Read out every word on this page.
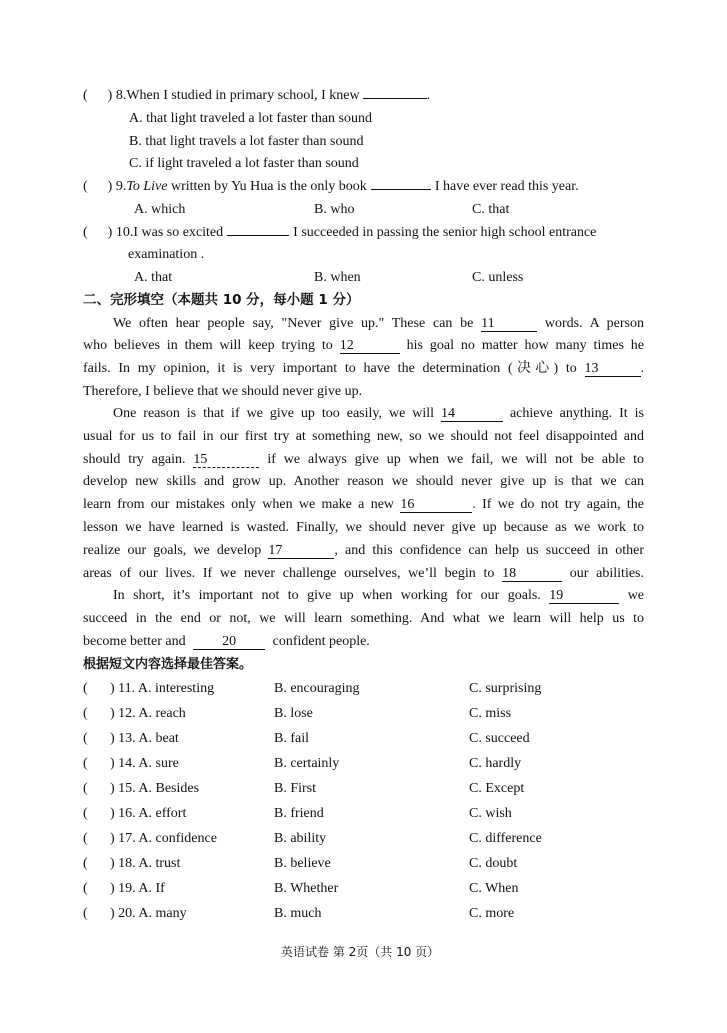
( ) 8.When I studied in primary school, I knew	.
A. that light traveled a lot faster than sound
B. that light travels a lot faster than sound
C. if light traveled a lot faster than sound
( ) 9.To Live written by Yu Hua is the only book	I have ever read this year.
A. which	B. who	C. that
( ) 10.I was so excited	I succeeded in passing the senior high school entrance
examination .
A. that	B. when	C. unless
二、完形填空（本题共 10 分，每小题 1 分）
We often hear people say, "Never give up." These can be 11	words. A person
who believes in them will keep trying to 12	his goal no matter how many times he
fails. In my opinion, it is very important to have the determination (决心) to 13	.
Therefore, I believe that we should never give up.
One reason is that if we give up too easily, we will 14	achieve anything. It is
usual for us to fail in our first try at something new, so we should not feel disappointed and
should try again. 15	if we always give up when we fail, we will not be able to
develop new skills and grow up. Another reason we should never give up is that we can
learn from our mistakes only when we make a new 16	. If we do not try again, the
lesson we have learned is wasted. Finally, we should never give up because as we work to
realize our goals, we develop 17	, and this confidence can help us succeed in other
areas of our lives. If we never challenge ourselves, we’ll begin to 18	our abilities.
In short, it’s important not to give up when working for our goals. 19	we
succeed in the end or not, we will learn something. And what we learn will help us to
become better and	20	confident people.
根据短文内容选择最佳答案。
( ) 11. A. interesting	B. encouraging	C. surprising
( ) 12. A. reach	B. lose	C. miss
( ) 13. A. beat	B. fail	C. succeed
( ) 14. A. sure	B. certainly	C. hardly
( ) 15. A. Besides	B. First	C. Except
( ) 16. A. effort	B. friend	C. wish
( ) 17. A. confidence	B. ability	C. difference
( ) 18. A. trust	B. believe	C. doubt
( ) 19. A. If	B. Whether	C. When
( ) 20. A. many	B. much	C. more
英语试卷 第 2页（共 10 页）
